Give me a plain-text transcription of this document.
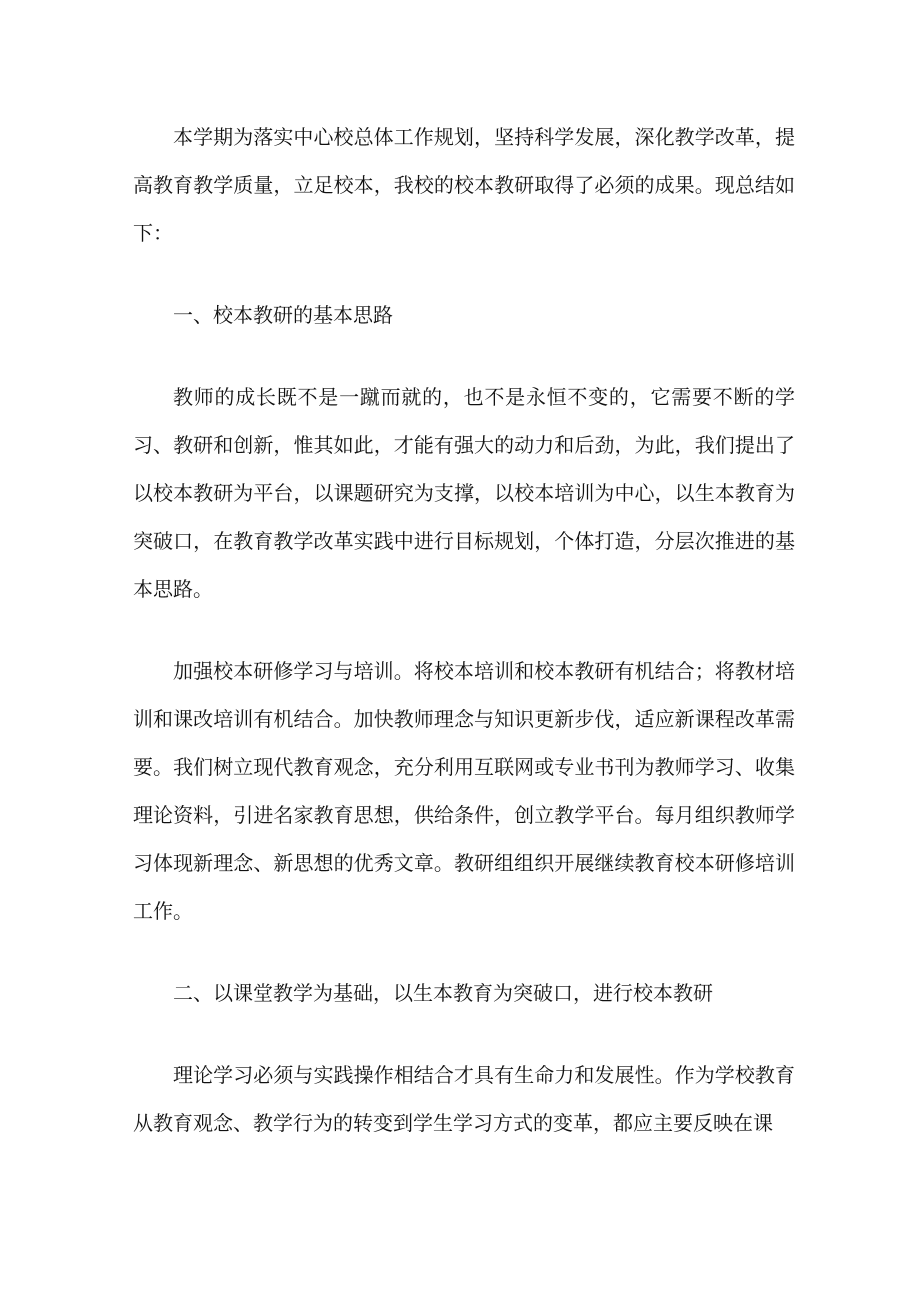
本学期为落实中心校总体工作规划，坚持科学发展，深化教学改革，提高教育教学质量，立足校本，我校的校本教研取得了必须的成果。现总结如下：

一、校本教研的基本思路

教师的成长既不是一蹴而就的，也不是永恒不变的，它需要不断的学习、教研和创新，惟其如此，才能有强大的动力和后劲，为此，我们提出了以校本教研为平台，以课题研究为支撑，以校本培训为中心，以生本教育为突破口，在教育教学改革实践中进行目标规划，个体打造，分层次推进的基本思路。

加强校本研修学习与培训。将校本培训和校本教研有机结合；将教材培训和课改培训有机结合。加快教师理念与知识更新步伐，适应新课程改革需要。我们树立现代教育观念，充分利用互联网或专业书刊为教师学习、收集理论资料，引进名家教育思想，供给条件，创立教学平台。每月组织教师学习体现新理念、新思想的优秀文章。教研组组织开展继续教育校本研修培训工作。

二、以课堂教学为基础，以生本教育为突破口，进行校本教研

理论学习必须与实践操作相结合才具有生命力和发展性。作为学校教育从教育观念、教学行为的转变到学生学习方式的变革，都应主要反映在课
